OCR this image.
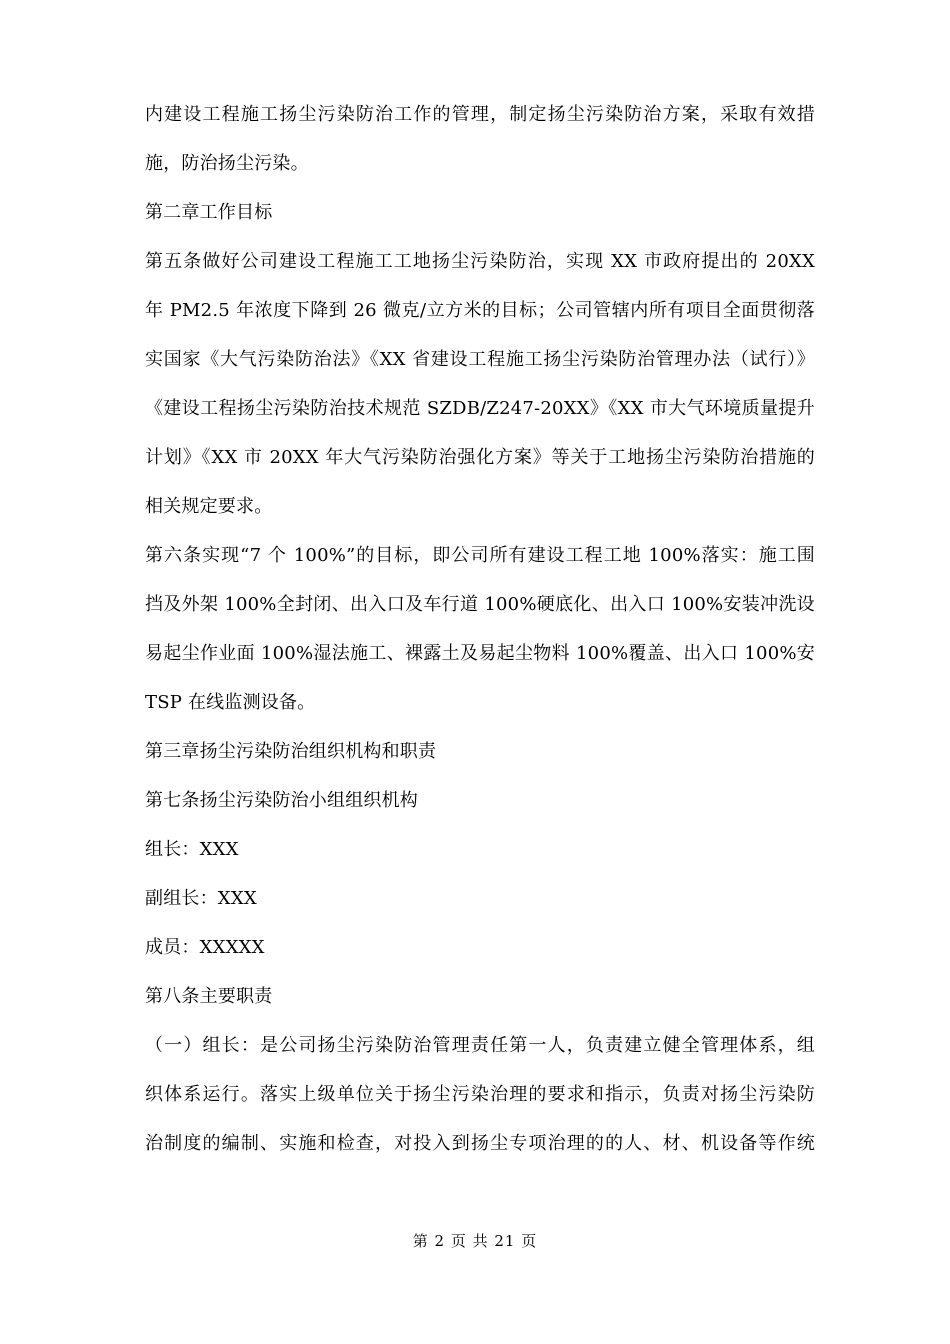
内建设工程施工扬尘污染防治工作的管理，制定扬尘污染防治方案，采取有效措
施，防治扬尘污染。
第二章工作目标
第五条做好公司建设工程施工工地扬尘污染防治，实现 XX 市政府提出的 20XX
年 PM2.5 年浓度下降到 26 微克/立方米的目标；公司管辖内所有项目全面贯彻落
实国家《大气污染防治法》《XX 省建设工程施工扬尘污染防治管理办法（试行）》
《建设工程扬尘污染防治技术规范 SZDB/Z247-20XX》《XX 市大气环境质量提升
计划》《XX 市 20XX 年大气污染防治强化方案》等关于工地扬尘污染防治措施的
相关规定要求。
第六条实现“7 个 100%”的目标，即公司所有建设工程工地 100%落实：施工围
挡及外架 100%全封闭、出入口及车行道 100%硬底化、出入口 100%安装冲洗设
易起尘作业面 100%湿法施工、裸露土及易起尘物料 100%覆盖、出入口 100%安
TSP 在线监测设备。
第三章扬尘污染防治组织机构和职责
第七条扬尘污染防治小组组织机构
组长：XXX
副组长：XXX
成员：XXXXX
第八条主要职责
（一）组长：是公司扬尘污染防治管理责任第一人，负责建立健全管理体系，组
织体系运行。落实上级单位关于扬尘污染治理的要求和指示，负责对扬尘污染防
治制度的编制、实施和检查，对投入到扬尘专项治理的的人、材、机设备等作统
第 2 页 共 21 页
